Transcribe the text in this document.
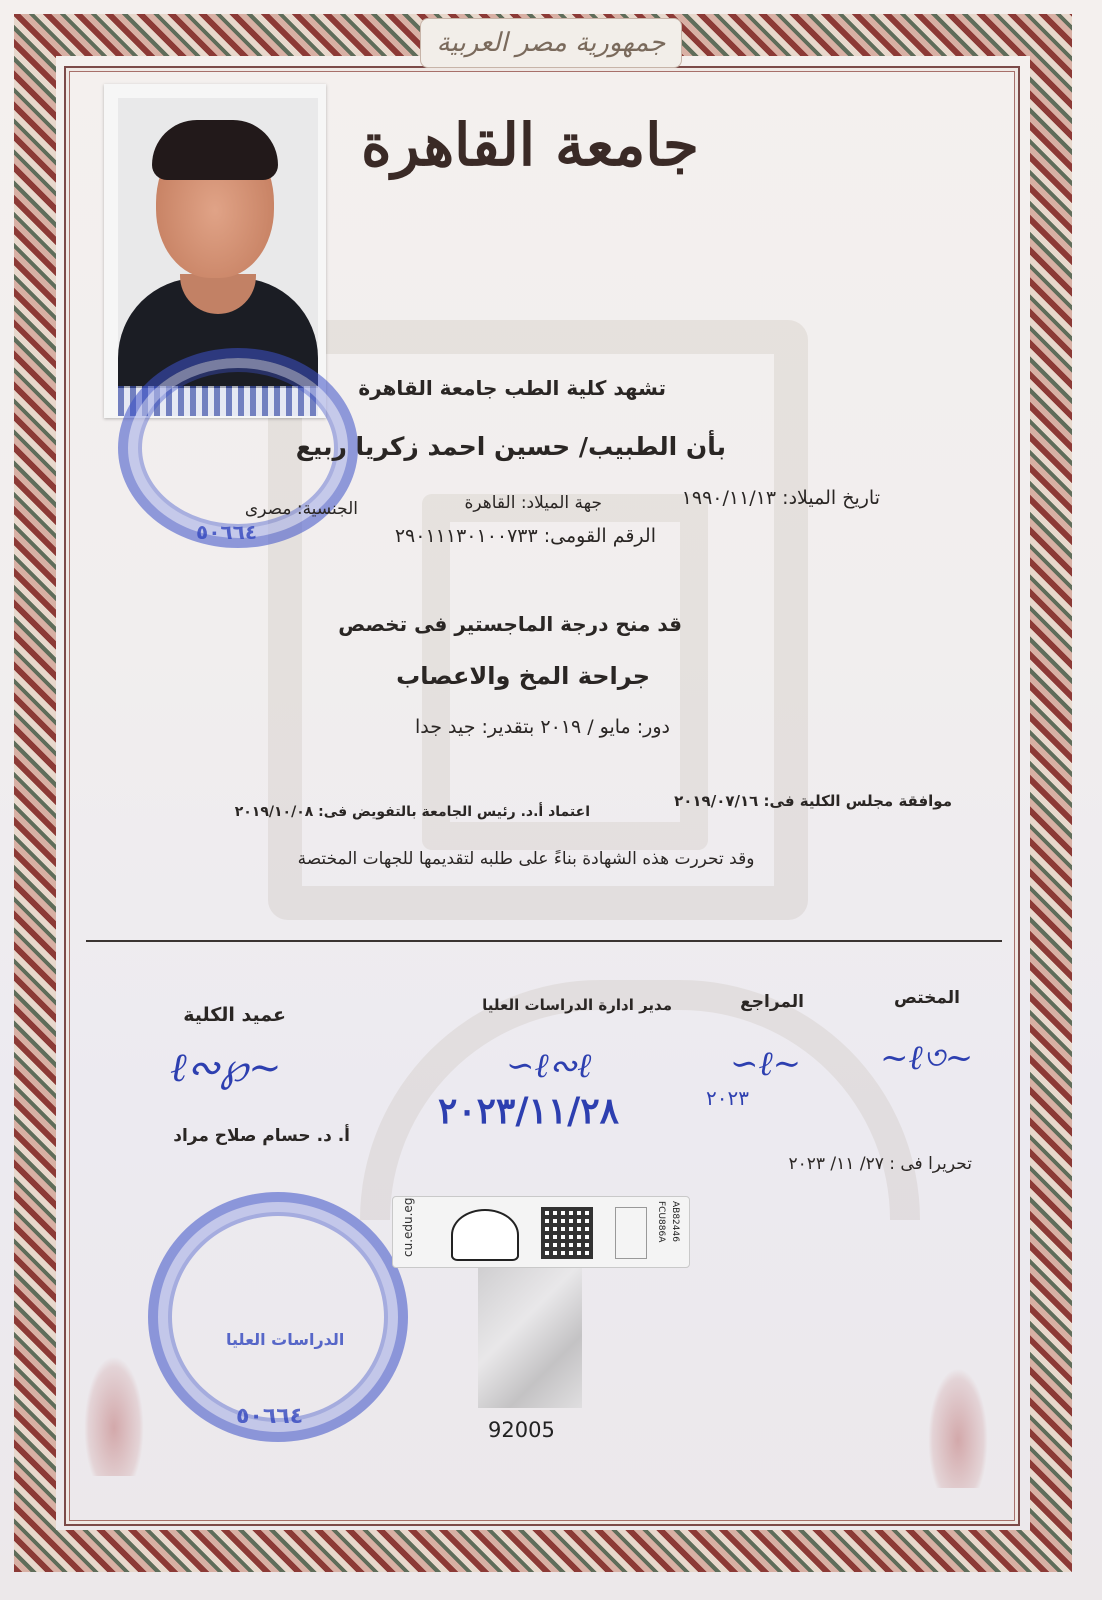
جمهورية مصر العربية
جامعة القاهرة
٥٠٦٦٤
تشهد كلية الطب جامعة القاهرة
بأن الطبيب/ حسين احمد زكريا ربيع
تاريخ الميلاد: ١٩٩٠/١١/١٣
جهة الميلاد: القاهرة
الجنسية: مصرى
الرقم القومى: ٢٩٠١١١٣٠١٠٠٧٣٣
قد منح درجة الماجستير فى تخصص
جراحة المخ والاعصاب
دور: مايو / ٢٠١٩ بتقدير: جيد جدا
موافقة مجلس الكلية فى: ٢٠١٩/٠٧/١٦
اعتماد أ.د. رئيس الجامعة بالتفويض فى: ٢٠١٩/١٠/٠٨
وقد تحررت هذه الشهادة بناءً على طلبه لتقديمها للجهات المختصة
المختص
المراجع
مدير ادارة الدراسات العليا
عميد الكلية
~ℓ৩~
∽ℓ∼
٢٠٢٣
∽ℓ∾ℓ
٢٠٢٣/١١/٢٨
ℓ∾℘∼
أ. د. حسام صلاح مراد
تحريرا فى : ٢٧/ ١١/ ٢٠٢٣
الدراسات العليا
٥٠٦٦٤
cu.edu.eg	FCU886A AB82446
92005
